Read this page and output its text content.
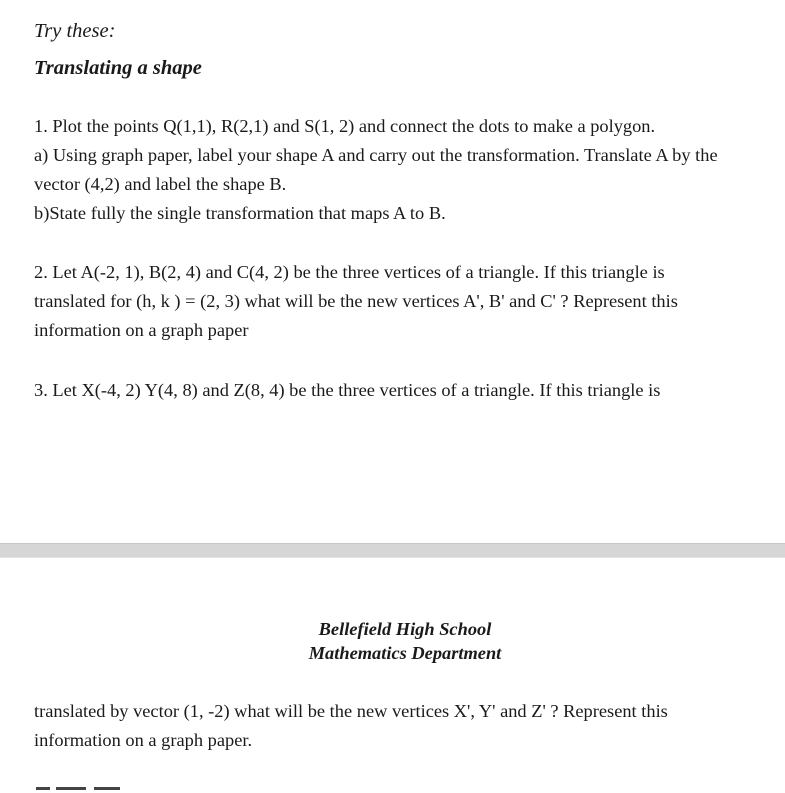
Try these:
Translating a shape
1. Plot the points Q(1,1), R(2,1) and S(1, 2) and connect the dots to make a polygon.
a) Using graph paper, label your shape A and carry out the transformation. Translate A by the
vector (4,2) and label the shape B.
b)State fully the single transformation that maps A to B.
2. Let A(-2, 1), B(2, 4) and C(4, 2) be the three vertices of a triangle. If this triangle is
translated for (h, k ) = (2, 3) what will be the new vertices A', B' and C' ? Represent this
information on a graph paper
3. Let X(-4, 2) Y(4, 8) and Z(8, 4) be the three vertices of a triangle. If this triangle is
Bellefield High School
Mathematics Department
translated by vector (1, -2) what will be the new vertices X', Y' and Z' ? Represent this
information on a graph paper.
